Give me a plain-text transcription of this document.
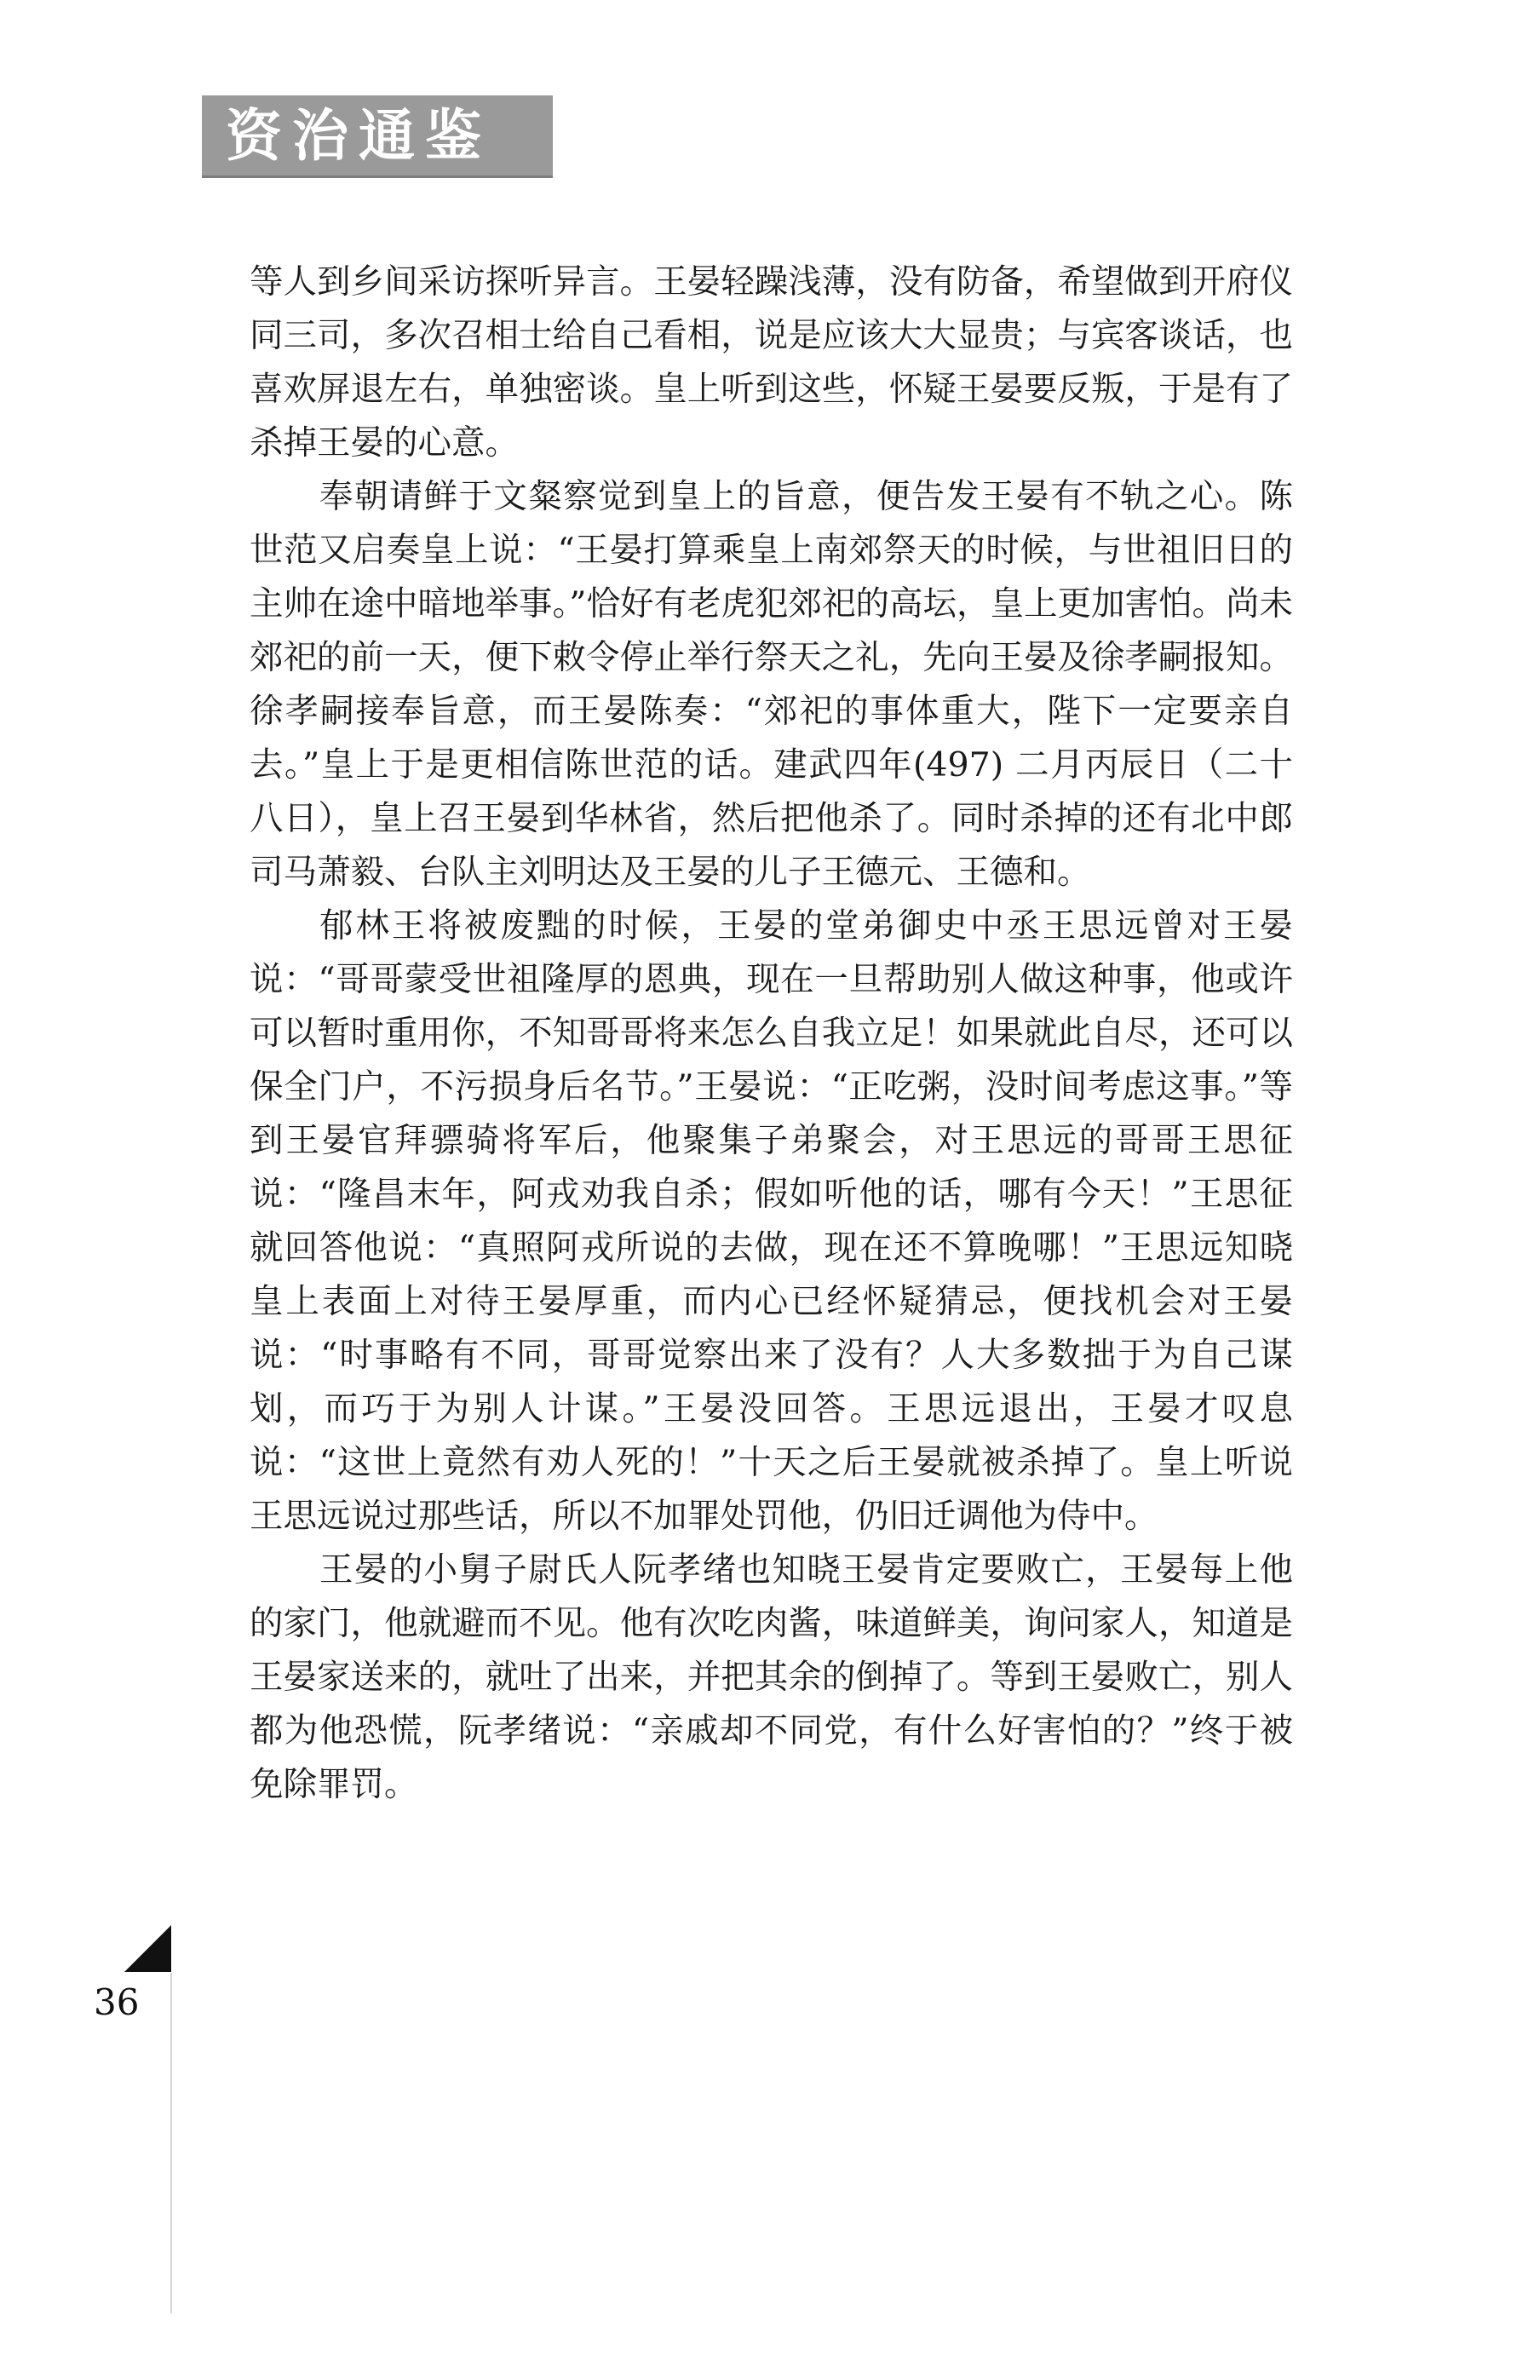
资治通鉴

等人到乡间采访探听异言。王晏轻躁浅薄，没有防备，希望做到开府仪同三司，多次召相士给自己看相，说是应该大大显贵；与宾客谈话，也喜欢屏退左右，单独密谈。皇上听到这些，怀疑王晏要反叛，于是有了杀掉王晏的心意。

奉朝请鲜于文粲察觉到皇上的旨意，便告发王晏有不轨之心。陈世范又启奏皇上说：“王晏打算乘皇上南郊祭天的时候，与世祖旧日的主帅在途中暗地举事。”恰好有老虎犯郊祀的高坛，皇上更加害怕。尚未郊祀的前一天，便下敕令停止举行祭天之礼，先向王晏及徐孝嗣报知。徐孝嗣接奉旨意，而王晏陈奏：“郊祀的事体重大，陛下一定要亲自去。”皇上于是更相信陈世范的话。建武四年(497) 二月丙辰日（二十八日），皇上召王晏到华林省，然后把他杀了。同时杀掉的还有北中郎司马萧毅、台队主刘明达及王晏的儿子王德元、王德和。

郁林王将被废黜的时候，王晏的堂弟御史中丞王思远曾对王晏说：“哥哥蒙受世祖隆厚的恩典，现在一旦帮助别人做这种事，他或许可以暂时重用你，不知哥哥将来怎么自我立足！如果就此自尽，还可以保全门户，不污损身后名节。”王晏说：“正吃粥，没时间考虑这事。”等到王晏官拜骠骑将军后，他聚集子弟聚会，对王思远的哥哥王思征说：“隆昌末年，阿戎劝我自杀；假如听他的话，哪有今天！”王思征就回答他说：“真照阿戎所说的去做，现在还不算晚哪！”王思远知晓皇上表面上对待王晏厚重，而内心已经怀疑猜忌，便找机会对王晏说：“时事略有不同，哥哥觉察出来了没有？人大多数拙于为自己谋划，而巧于为别人计谋。”王晏没回答。王思远退出，王晏才叹息说：“这世上竟然有劝人死的！”十天之后王晏就被杀掉了。皇上听说王思远说过那些话，所以不加罪处罚他，仍旧迁调他为侍中。

王晏的小舅子尉氏人阮孝绪也知晓王晏肯定要败亡，王晏每上他的家门，他就避而不见。他有次吃肉酱，味道鲜美，询问家人，知道是王晏家送来的，就吐了出来，并把其余的倒掉了。等到王晏败亡，别人都为他恐慌，阮孝绪说：“亲戚却不同党，有什么好害怕的？”终于被免除罪罚。

36
